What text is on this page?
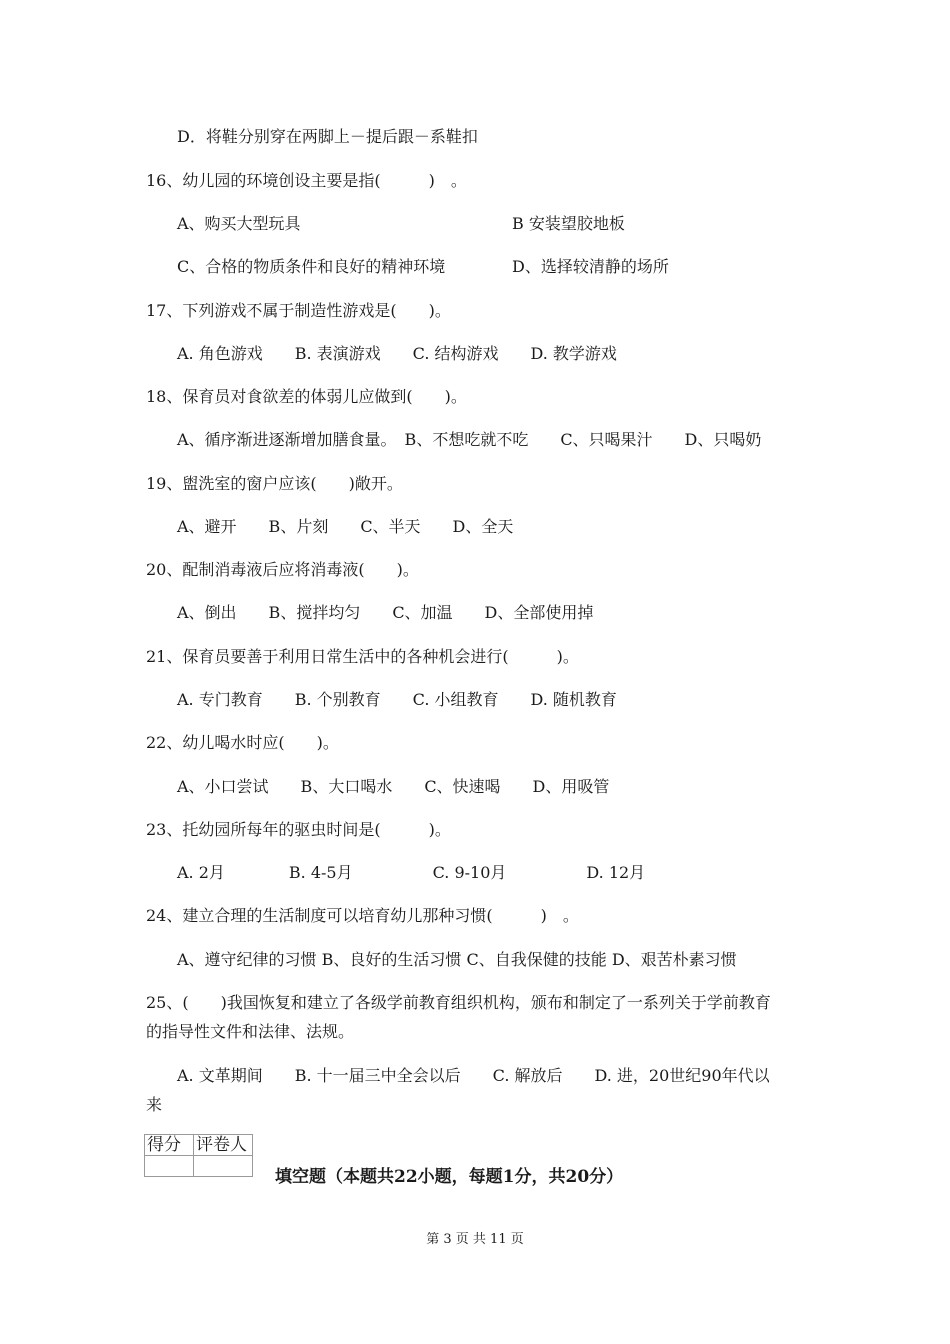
D．将鞋分别穿在两脚上－提后跟－系鞋扣
16、幼儿园的环境创设主要是指(　　　)　。
A、购买大型玩具	B 安装望胶地板
C、合格的物质条件和良好的精神环境	D、选择较清静的场所
17、下列游戏不属于制造性游戏是(　　)。
A. 角色游戏　　B. 表演游戏　　C. 结构游戏　　D. 教学游戏
18、保育员对食欲差的体弱儿应做到(　　)。
A、循序渐进逐渐增加膳食量。　B、不想吃就不吃　　C、只喝果汁　　D、只喝奶
19、盥洗室的窗户应该(　　)敞开。
A、避开　　B、片刻　　C、半天　　D、全天
20、配制消毒液后应将消毒液(　　)。
A、倒出　　B、搅拌均匀　　C、加温　　D、全部使用掉
21、保育员要善于利用日常生活中的各种机会进行(　　　)。
A. 专门教育　　B. 个别教育　　C. 小组教育　　D. 随机教育
22、幼儿喝水时应(　　)。
A、小口尝试　　B、大口喝水　　C、快速喝　　D、用吸管
23、托幼园所每年的驱虫时间是(　　　)。
A. 2月　　　　B. 4-5月　　　　　C. 9-10月　　　　　D. 12月
24、建立合理的生活制度可以培育幼儿那种习惯(　　　)　。
A、遵守纪律的习惯 B、良好的生活习惯 C、自我保健的技能 D、艰苦朴素习惯
25、(　　)我国恢复和建立了各级学前教育组织机构，颁布和制定了一系列关于学前教育
的指导性文件和法律、法规。
A. 文革期间　　B. 十一届三中全会以后　　C. 解放后　　D. 进，20世纪90年代以
来
得分	评卷人

填空题（本题共22小题，每题1分，共20分）
第 3 页 共 11 页
